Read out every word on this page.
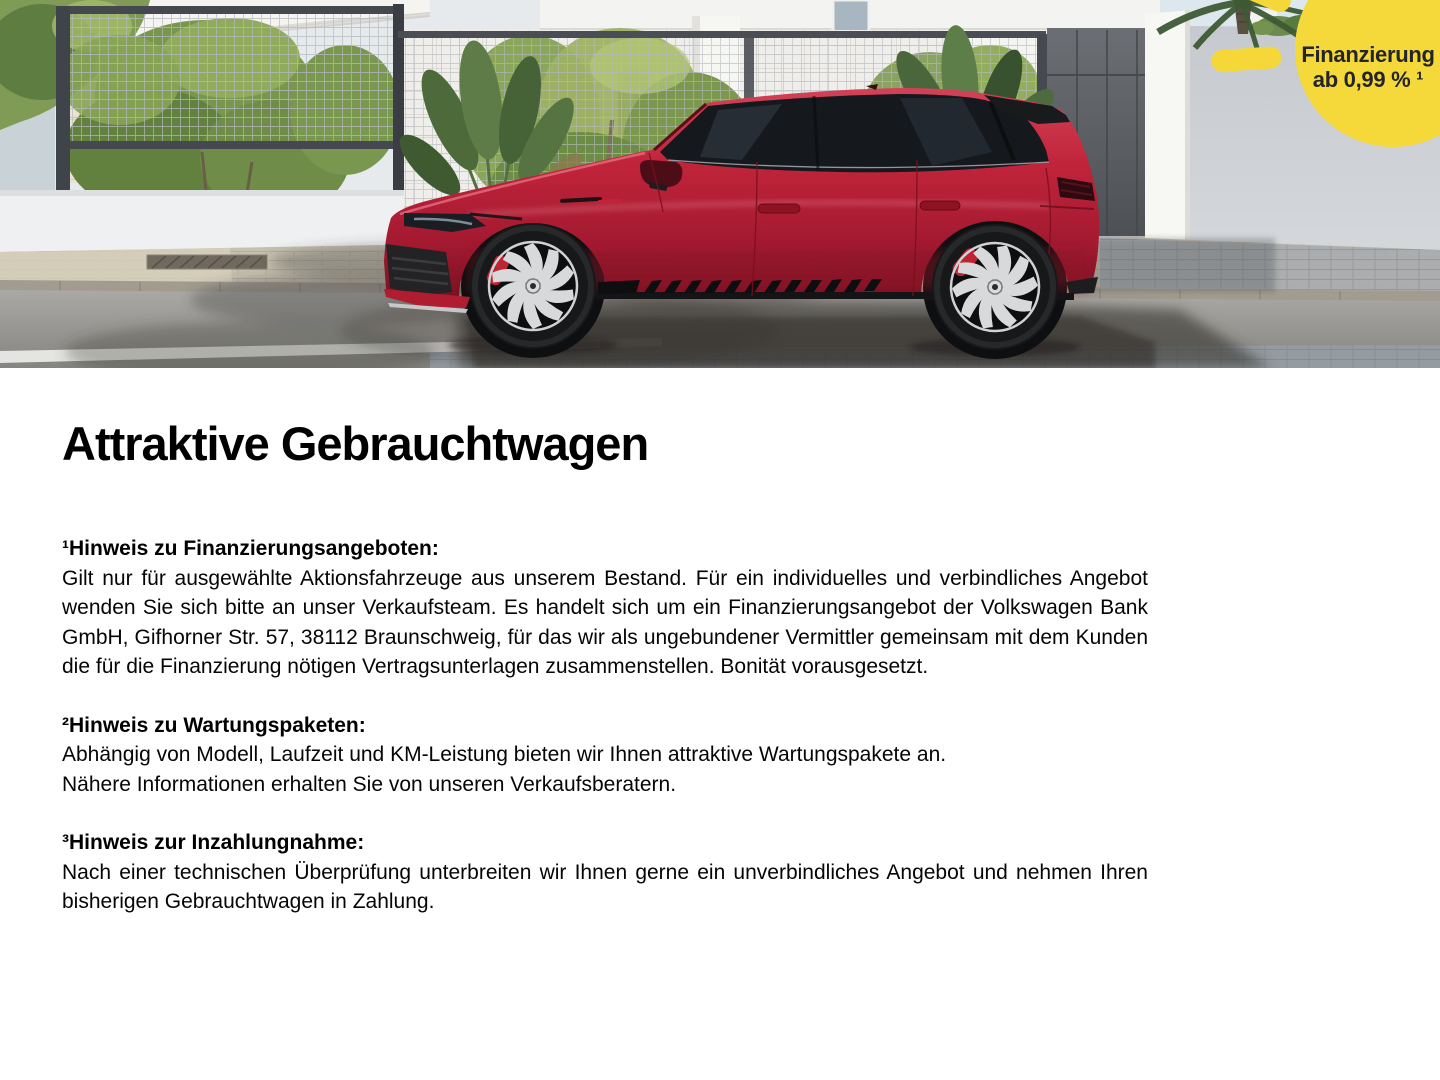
Finanzierung
ab 0,99 % ¹
Attraktive Gebrauchtwagen
¹Hinweis zu Finanzierungsangeboten:

Gilt nur für ausgewählte Aktionsfahrzeuge aus unserem Bestand. Für ein individuelles und verbindliches Angebot wenden Sie sich bitte an unser Verkaufsteam. Es handelt sich um ein Finanzierungsangebot der Volkswagen Bank GmbH, Gifhorner Str. 57, 38112 Braunschweig, für das wir als ungebundener Vermittler gemeinsam mit dem Kunden die für die Finanzierung nötigen Vertragsunterlagen zusammenstellen. Bonität vorausgesetzt.

²Hinweis zu Wartungspaketen:

Abhängig von Modell, Laufzeit und KM-Leistung bieten wir Ihnen attraktive Wartungspakete an.
Nähere Informationen erhalten Sie von unseren Verkaufsberatern.

³Hinweis zur Inzahlungnahme:

Nach einer technischen Überprüfung unterbreiten wir Ihnen gerne ein unverbindliches Angebot und nehmen Ihren bisherigen Gebrauchtwagen in Zahlung.
